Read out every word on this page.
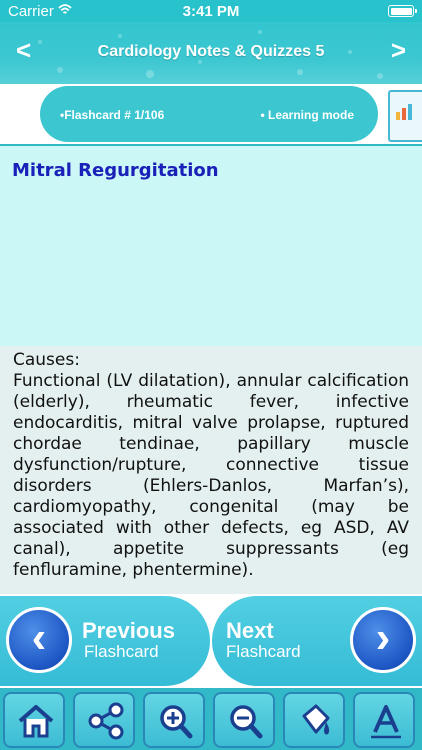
Carrier	3:41 PM
<	Cardiology Notes & Quizzes 5	>
•Flashcard # 1/106	• Learning mode
Mitral Regurgitation

Causes:

Functional (LV dilatation), annular calcification (elderly), rheumatic fever, infective endocarditis, mitral valve prolapse, ruptured chordae tendinae, papillary muscle dysfunction/rupture, connective tissue disorders (Ehlers-Danlos, Marfan’s), cardiomyopathy, congenital (may be associated with other defects, eg ASD, AV canal), appetite suppressants (eg fenfluramine, phentermine).

‹	Previous
Flashcard
Next
Flashcard	›
